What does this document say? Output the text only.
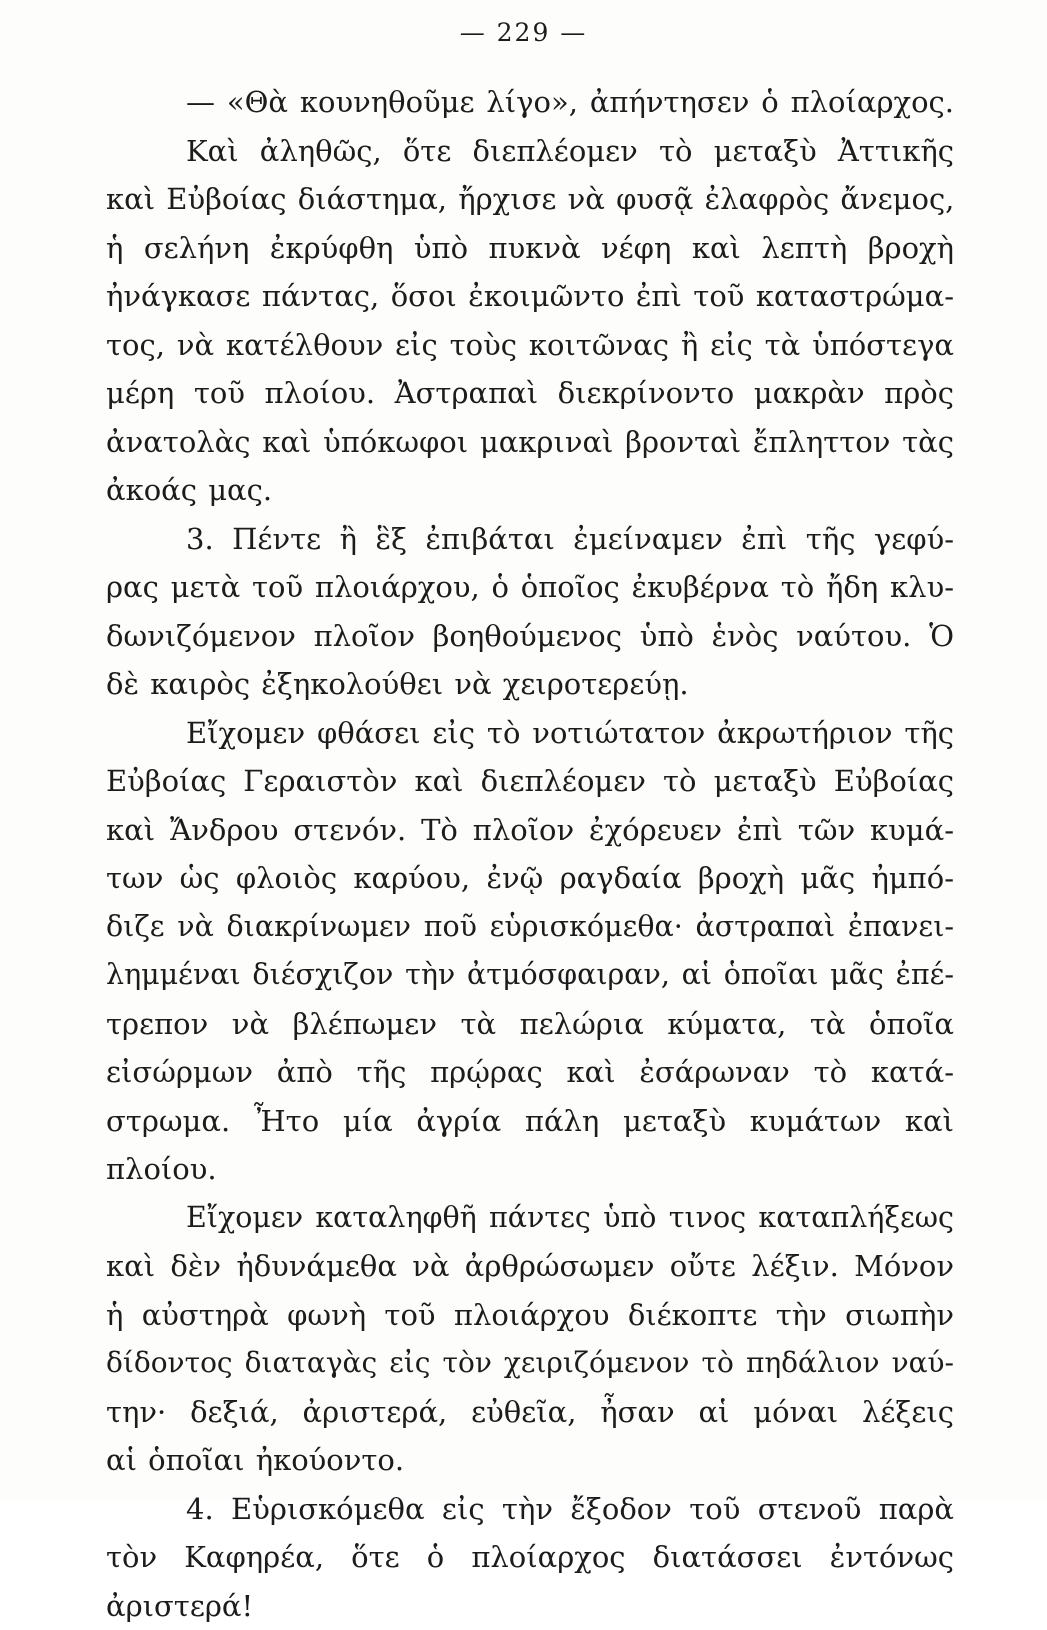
— 229 —
— «Θὰ κουνηθοῦμε λίγο», ἀπήντησεν ὁ πλοίαρχος.
Καὶ ἀληθῶς, ὅτε διεπλέομεν τὸ μεταξὺ Ἀττικῆς
καὶ Εὐβοίας διάστημα, ἤρχισε νὰ φυσᾷ ἐλαφρὸς ἄνεμος,
ἡ σελήνη ἐκρύφθη ὑπὸ πυκνὰ νέφη καὶ λεπτὴ βροχὴ
ἠνάγκασε πάντας, ὅσοι ἐκοιμῶντο ἐπὶ τοῦ καταστρώμα-
τος, νὰ κατέλθουν εἰς τοὺς κοιτῶνας ἢ εἰς τὰ ὑπόστεγα
μέρη τοῦ πλοίου. Ἀστραπαὶ διεκρίνοντο μακρὰν πρὸς
ἀνατολὰς καὶ ὑπόκωφοι μακριναὶ βρονταὶ ἔπληττον τὰς
ἀκοάς μας.
3. Πέντε ἢ ἓξ ἐπιβάται ἐμείναμεν ἐπὶ τῆς γεφύ-
ρας μετὰ τοῦ πλοιάρχου, ὁ ὁποῖος ἐκυβέρνα τὸ ἤδη κλυ-
δωνιζόμενον πλοῖον βοηθούμενος ὑπὸ ἑνὸς ναύτου. Ὁ
δὲ καιρὸς ἐξηκολούθει νὰ χειροτερεύῃ.
Εἴχομεν φθάσει εἰς τὸ νοτιώτατον ἀκρωτήριον τῆς
Εὐβοίας Γεραιστὸν καὶ διεπλέομεν τὸ μεταξὺ Εὐβοίας
καὶ Ἄνδρου στενόν. Τὸ πλοῖον ἐχόρευεν ἐπὶ τῶν κυμά-
των ὡς φλοιὸς καρύου, ἐνῷ ραγδαία βροχὴ μᾶς ἠμπό-
διζε νὰ διακρίνωμεν ποῦ εὑρισκόμεθα· ἀστραπαὶ ἐπανει-
λημμέναι διέσχιζον τὴν ἀτμόσφαιραν, αἱ ὁποῖαι μᾶς ἐπέ-
τρεπον νὰ βλέπωμεν τὰ πελώρια κύματα, τὰ ὁποῖα
εἰσώρμων ἀπὸ τῆς πρῴρας καὶ ἐσάρωναν τὸ κατά-
στρωμα. Ἦτο μία ἀγρία πάλη μεταξὺ κυμάτων καὶ
πλοίου.
Εἴχομεν καταληφθῆ πάντες ὑπὸ τινος καταπλήξεως
καὶ δὲν ἠδυνάμεθα νὰ ἀρθρώσωμεν οὔτε λέξιν. Μόνον
ἡ αὐστηρὰ φωνὴ τοῦ πλοιάρχου διέκοπτε τὴν σιωπὴν
δίδοντος διαταγὰς εἰς τὸν χειριζόμενον τὸ πηδάλιον ναύ-
την· δεξιά, ἀριστερά, εὐθεῖα, ἦσαν αἱ μόναι λέξεις
αἱ ὁποῖαι ἠκούοντο.
4. Εὑρισκόμεθα εἰς τὴν ἔξοδον τοῦ στενοῦ παρὰ
τὸν Καφηρέα, ὅτε ὁ πλοίαρχος διατάσσει ἐντόνως
ἀριστερά!
